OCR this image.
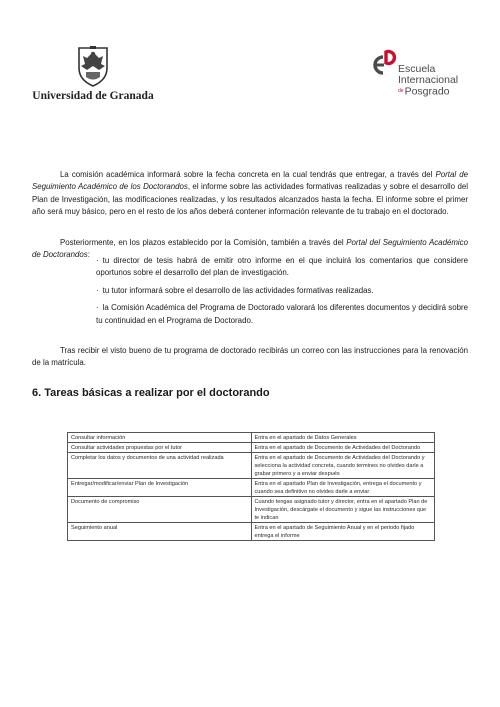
Universidad de Granada
Escuela
Internacional
dePosgrado

La comisión académica informará sobre la fecha concreta en la cual tendrás que entregar, a través del Portal de Seguimiento Académico de los Doctorandos, el informe sobre las actividades formativas realizadas y sobre el desarrollo del Plan de Investigación, las modificaciones realizadas, y los resultados alcanzados hasta la fecha. El informe sobre el primer año será muy básico, pero en el resto de los años deberá contener información relevante de tu trabajo en el doctorado.

Posteriormente, en los plazos establecido por la Comisión, también a través del Portal del Seguimiento Académico de Doctorandos:

· tu director de tesis habrá de emitir otro informe en el que incluirá los comentarios que considere oportunos sobre el desarrollo del plan de investigación.
· tu tutor informará sobre el desarrollo de las actividades formativas realizadas.
· la Comisión Académica del Programa de Doctorado valorará los diferentes documentos y decidirá sobre tu continuidad en el Programa de Doctorado.

Tras recibir el visto bueno de tu programa de doctorado recibirás un correo con las instrucciones para la renovación de la matrícula.

6. Tareas básicas a realizar por el doctorando
Consultar información	Entra en el apartado de Datos Generales
Consultar actividades propuestas por el tutor	Entra en el apartado de Documento de Actividades del Doctorando
Completar los datos y documentos de una actividad realizada	Entra en el apartado de Documento de Actividades del Doctorando y selecciona la actividad concreta, cuando termines no olvides darle a grabar primero y a enviar después
Entregar/modificar/enviar Plan de Investigación	Entra en el apartado Plan de Investigación, entrega el documento y cuando sea definitivo no olvides darle a enviar
Documento de compromiso	Cuando tengas asignado tutor y director, entra en el apartado Plan de Investigación, descárgate el documento y sigue las instrucciones que te indican
Seguimiento anual	Entra en el apartado de Seguimiento Anual y en el periodo fijado entrega el informe
